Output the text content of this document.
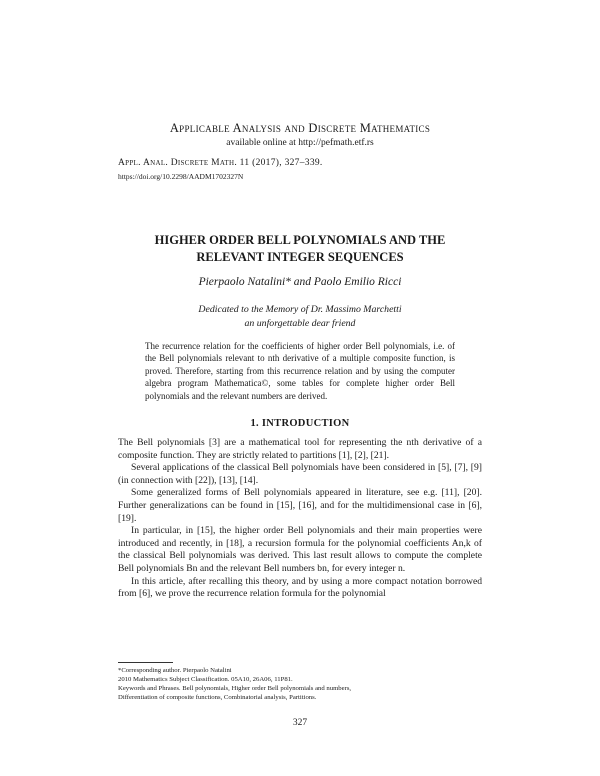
Applicable Analysis and Discrete Mathematics
available online at http://pefmath.etf.rs
Appl. Anal. Discrete Math. 11 (2017), 327–339.
https://doi.org/10.2298/AADM1702327N
HIGHER ORDER BELL POLYNOMIALS AND THE
RELEVANT INTEGER SEQUENCES
Pierpaolo Natalini* and Paolo Emilio Ricci
Dedicated to the Memory of Dr. Massimo Marchetti
an unforgettable dear friend
The recurrence relation for the coefficients of higher order Bell polynomials, i.e. of the Bell polynomials relevant to nth derivative of a multiple composite function, is proved. Therefore, starting from this recurrence relation and by using the computer algebra program Mathematica©, some tables for complete higher order Bell polynomials and the relevant numbers are derived.
1. INTRODUCTION

The Bell polynomials [3] are a mathematical tool for representing the nth derivative of a composite function. They are strictly related to partitions [1], [2], [21].

Several applications of the classical Bell polynomials have been considered in [5], [7], [9] (in connection with [22]), [13], [14].

Some generalized forms of Bell polynomials appeared in literature, see e.g. [11], [20]. Further generalizations can be found in [15], [16], and for the multidimensional case in [6], [19].

In particular, in [15], the higher order Bell polynomials and their main properties were introduced and recently, in [18], a recursion formula for the polynomial coefficients An,k of the classical Bell polynomials was derived. This last result allows to compute the complete Bell polynomials Bn and the relevant Bell numbers bn, for every integer n.

In this article, after recalling this theory, and by using a more compact notation borrowed from [6], we prove the recurrence relation formula for the polynomial

*Corresponding author. Pierpaolo Natalini
2010 Mathematics Subject Classification. 05A10, 26A06, 11P81.
Keywords and Phrases. Bell polynomials, Higher order Bell polynomials and numbers,
Differentiation of composite functions, Combinatorial analysis, Partitions.
327
